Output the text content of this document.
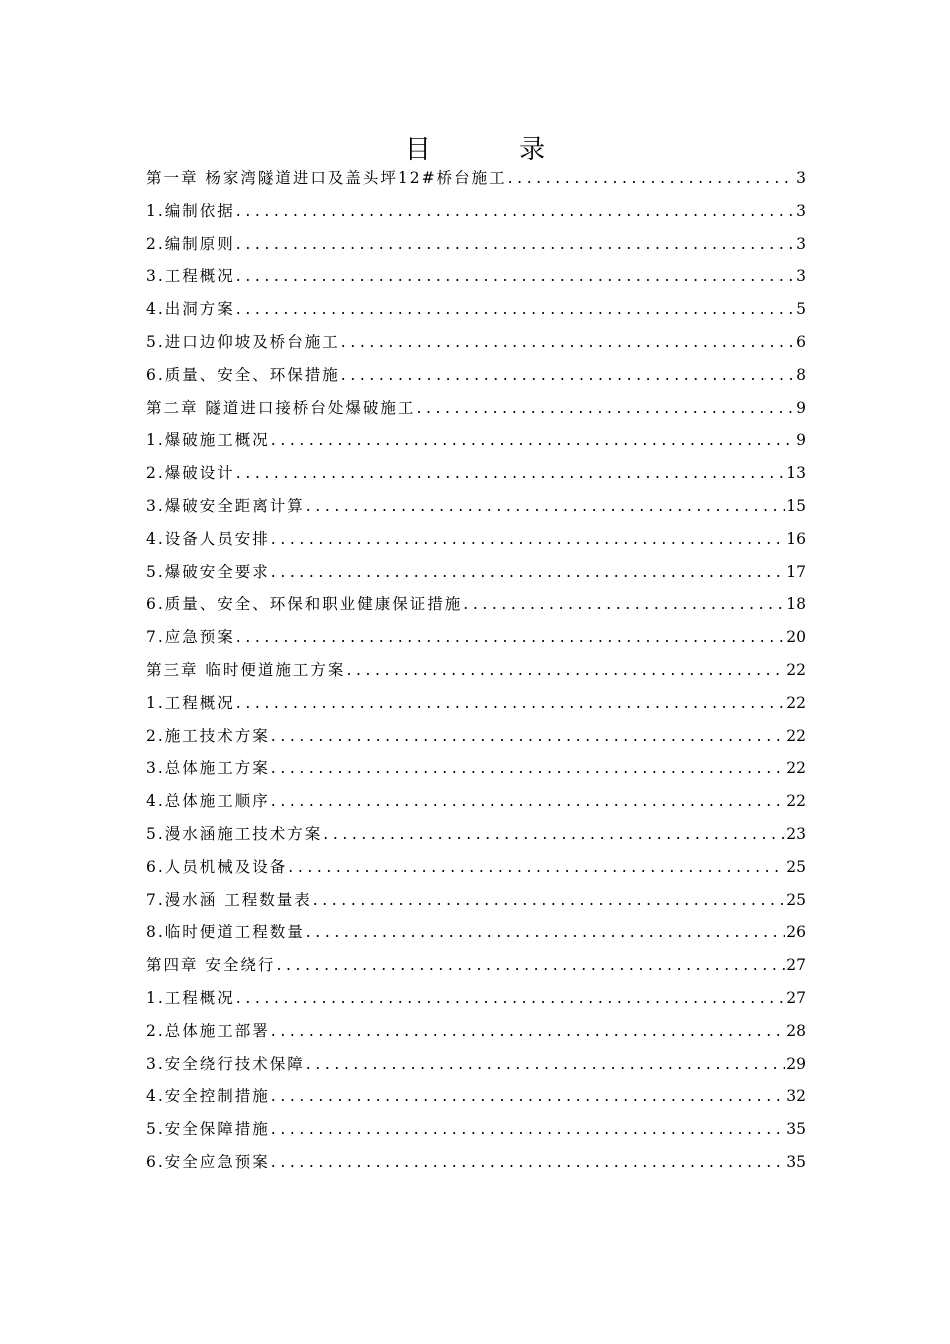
目 录
第一章 杨家湾隧道进口及盖头坪12#桥台施工 .....	3
1.编制依据 .....	3
2.编制原则 .....	3
3.工程概况 .....	3
4.出洞方案 .....	5
5.进口边仰坡及桥台施工 .....	6
6.质量、安全、环保措施 .....	8
第二章 隧道进口接桥台处爆破施工 .....	9
1.爆破施工概况 .....	9
2.爆破设计 .....	13
3.爆破安全距离计算 .....	15
4.设备人员安排 .....	16
5.爆破安全要求 .....	17
6.质量、安全、环保和职业健康保证措施 .....	18
7.应急预案 .....	20
第三章 临时便道施工方案 .....	22
1.工程概况 .....	22
2.施工技术方案 .....	22
3.总体施工方案 .....	22
4.总体施工顺序 .....	22
5.漫水涵施工技术方案 .....	23
6.人员机械及设备 .....	25
7.漫水涵 工程数量表 .....	25
8.临时便道工程数量 .....	26
第四章 安全绕行 .....	27
1.工程概况 .....	27
2.总体施工部署 .....	28
3.安全绕行技术保障 .....	29
4.安全控制措施 .....	32
5.安全保障措施 .....	35
6.安全应急预案 .....	35
